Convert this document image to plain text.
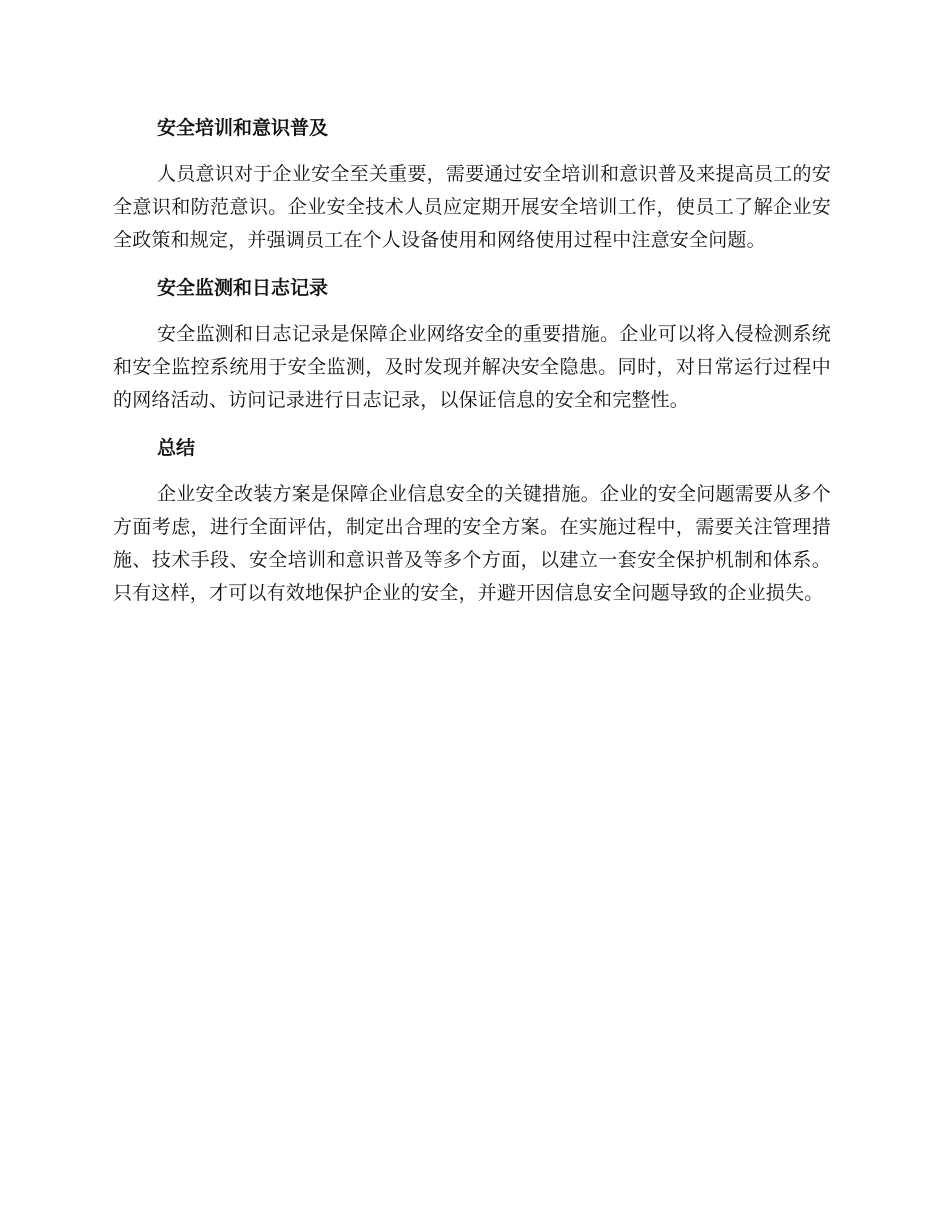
安全培训和意识普及

人员意识对于企业安全至关重要，需要通过安全培训和意识普及来提高员工的安全意识和防范意识。企业安全技术人员应定期开展安全培训工作，使员工了解企业安全政策和规定，并强调员工在个人设备使用和网络使用过程中注意安全问题。

安全监测和日志记录

安全监测和日志记录是保障企业网络安全的重要措施。企业可以将入侵检测系统和安全监控系统用于安全监测，及时发现并解决安全隐患。同时，对日常运行过程中的网络活动、访问记录进行日志记录，以保证信息的安全和完整性。

总结

企业安全改装方案是保障企业信息安全的关键措施。企业的安全问题需要从多个方面考虑，进行全面评估，制定出合理的安全方案。在实施过程中，需要关注管理措施、技术手段、安全培训和意识普及等多个方面，以建立一套安全保护机制和体系。只有这样，才可以有效地保护企业的安全，并避开因信息安全问题导致的企业损失。
